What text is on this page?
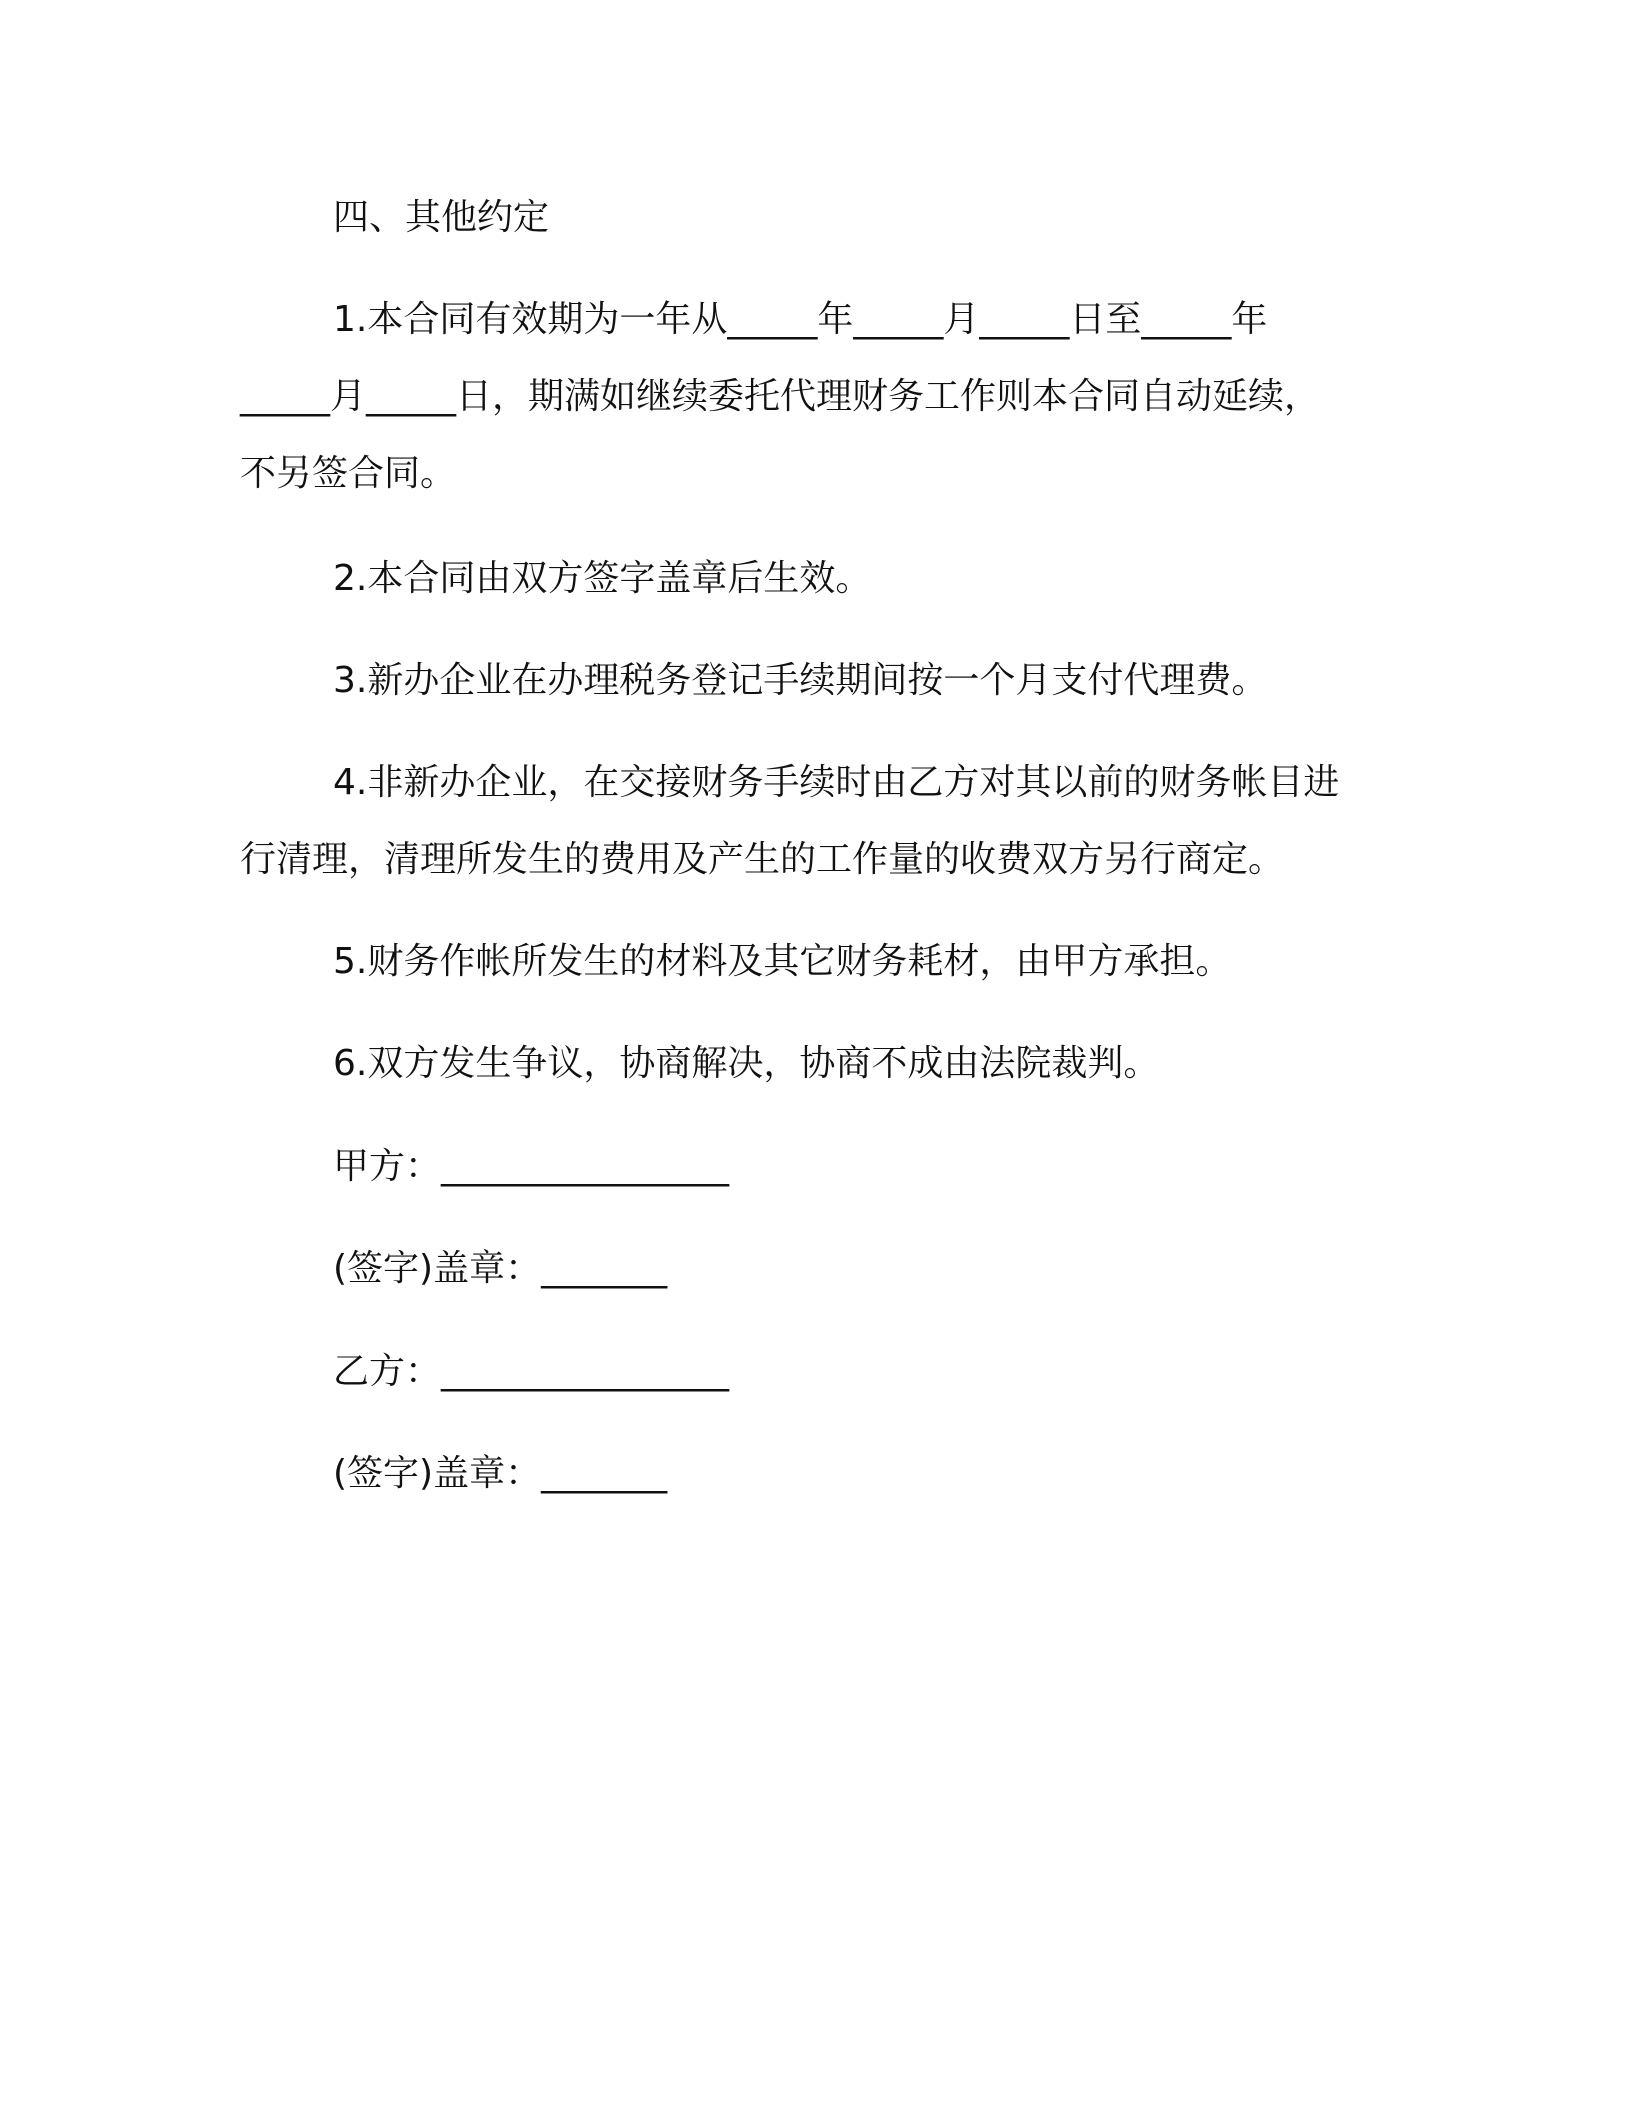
四、其他约定
1.本合同有效期为一年从_____年_____月_____日至_____年
_____月_____日，期满如继续委托代理财务工作则本合同自动延续，
不另签合同。
2.本合同由双方签字盖章后生效。
3.新办企业在办理税务登记手续期间按一个月支付代理费。
4.非新办企业，在交接财务手续时由乙方对其以前的财务帐目进
行清理，清理所发生的费用及产生的工作量的收费双方另行商定。
5.财务作帐所发生的材料及其它财务耗材，由甲方承担。
6.双方发生争议，协商解决，协商不成由法院裁判。
甲方：________________
(签字)盖章：_______
乙方：________________
(签字)盖章：_______
